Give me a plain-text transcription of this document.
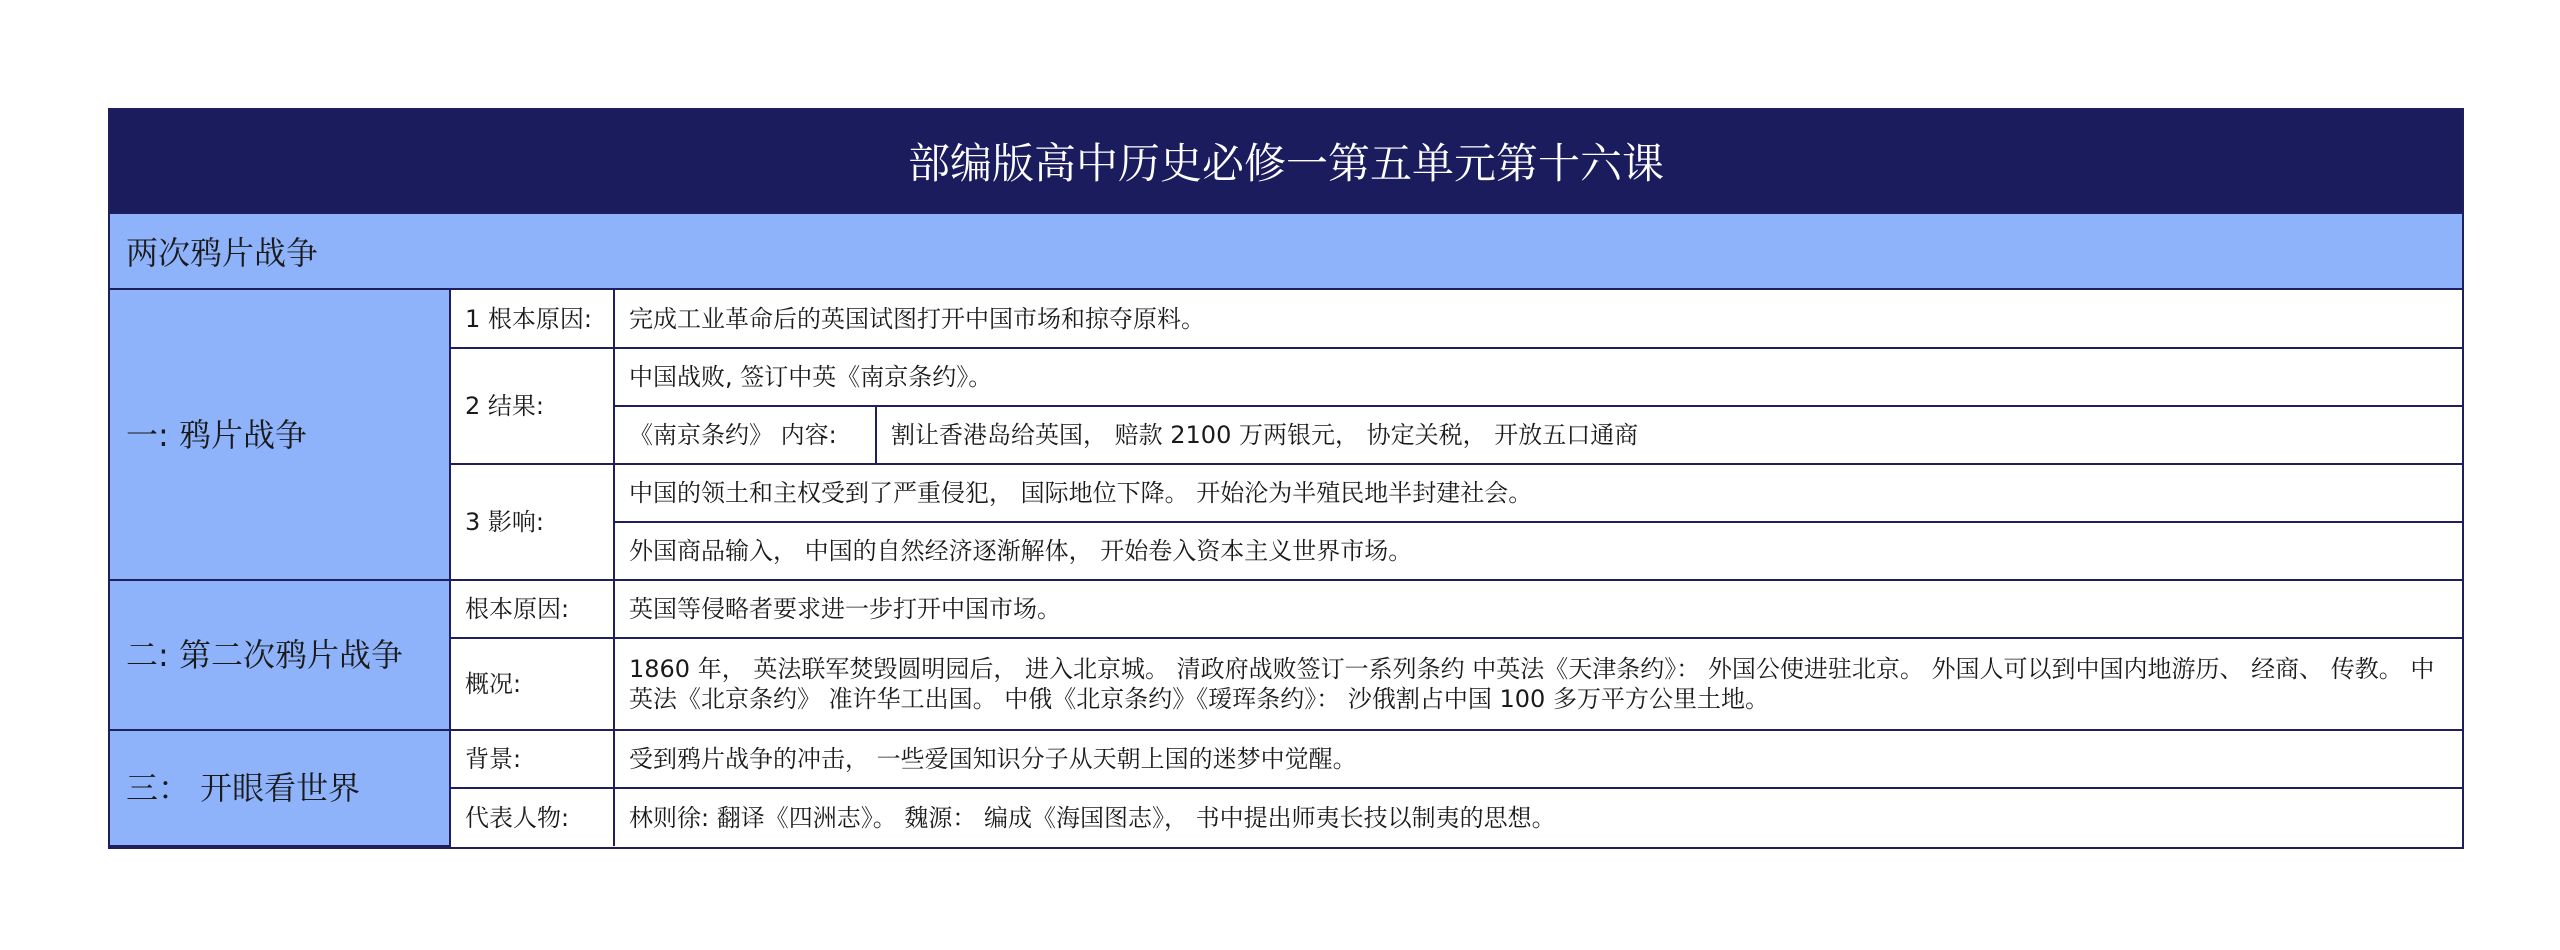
部编版高中历史必修一第五单元第十六课
两次鸦片战争
一: 鸦片战争	1 根本原因:	完成工业革命后的英国试图打开中国市场和掠夺原料。	
	2 结果:	中国战败, 签订中英《南京条约》。	
		《南京条约》 内容:	割让香港岛给英国， 赔款 2100 万两银元， 协定关税， 开放五口通商
	3 影响:	中国的领土和主权受到了严重侵犯， 国际地位下降。 开始沦为半殖民地半封建社会。	
		外国商品输入， 中国的自然经济逐渐解体， 开始卷入资本主义世界市场。	
二: 第二次鸦片战争	根本原因:	英国等侵略者要求进一步打开中国市场。	
	概况:	1860 年， 英法联军焚毁圆明园后， 进入北京城。 清政府战败签订一系列条约 中英法《天津条约》： 外国公使进驻北京。 外国人可以到中国内地游历、 经商、 传教。 中英法《北京条约》 准许华工出国。 中俄《北京条约》《瑷珲条约》： 沙俄割占中国 100 多万平方公里土地。	
三： 开眼看世界	背景:	受到鸦片战争的冲击， 一些爱国知识分子从天朝上国的迷梦中觉醒。	
	代表人物:	林则徐: 翻译《四洲志》。 魏源： 编成《海国图志》， 书中提出师夷长技以制夷的思想。	
